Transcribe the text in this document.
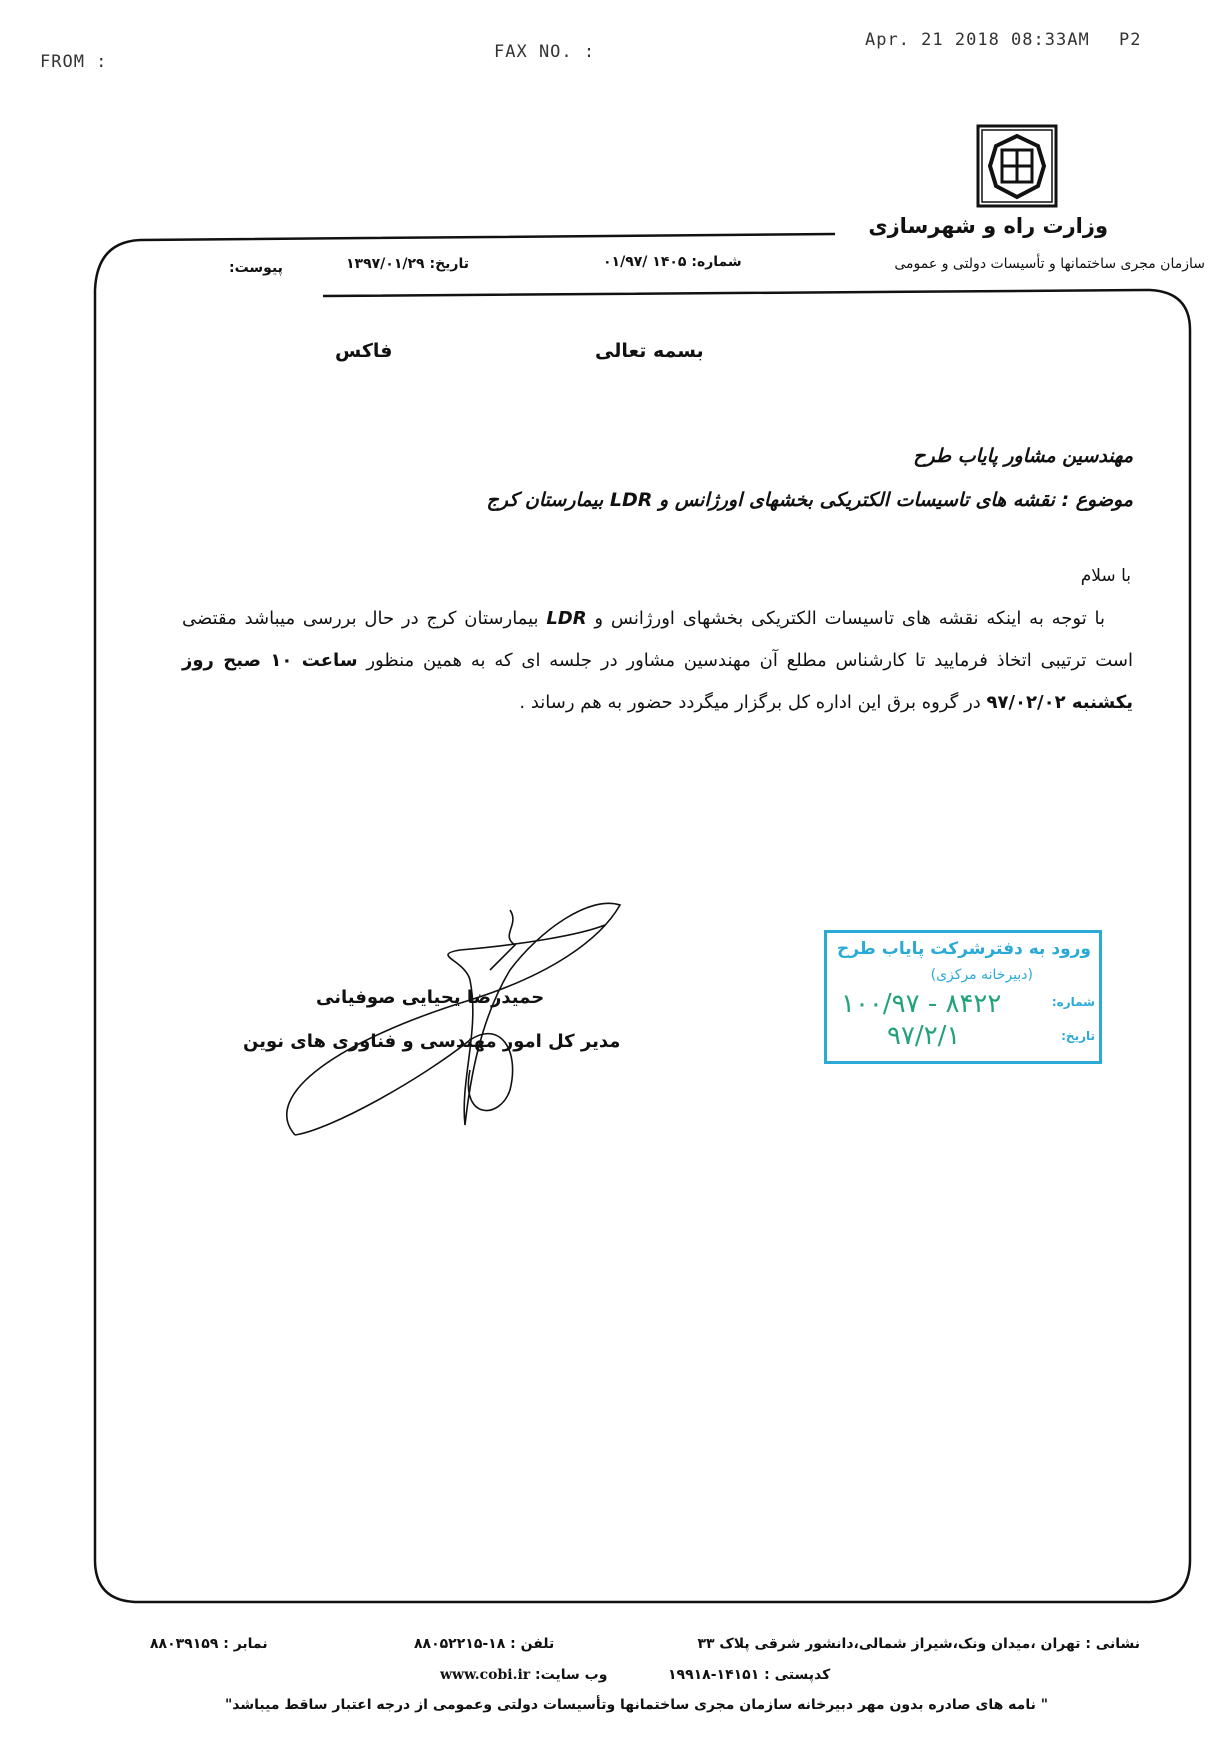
FROM :	FAX NO. :
Apr. 21 2018 08:33AM P2
وزارت راه و شهرسازی
سازمان مجری ساختمانها و تأسیسات دولتی و عمومی
شماره: ۰۱/۹۷/ ۱۴۰۵
تاریخ: ۱۳۹۷/۰۱/۲۹
پیوست:
بسمه تعالی
فاکس
مهندسین مشاور پایاب طرح
موضوع : نقشه های تاسیسات الکتریکی بخشهای اورژانس و LDR بیمارستان کرج
با سلام
با توجه به اینکه نقشه های تاسیسات الکتریکی بخشهای اورژانس و LDR بیمارستان کرج در حال بررسی میباشد مقتضی است ترتیبی اتخاذ فرمایید تا کارشناس مطلع آن مهندسین مشاور در جلسه ای که به همین منظور ساعت ۱۰ صبح روز یکشنبه ۹۷/۰۲/۰۲ در گروه برق این اداره کل برگزار میگردد حضور به هم رساند .
حمیدرضا یحیایی صوفیانی
مدیر کل امور مهندسی و فناوری های نوین
ورود به دفترشرکت پایاب طرح
(دبیرخانه مرکزی)
شماره:
۱۰۰/۹۷ - ۸۴۲۲
تاریخ:
۹۷/۲/۱
نشانی : تهران ،میدان ونک،شیراز شمالی،دانشور شرقی پلاک ۳۳
تلفن : ۱۸-۸۸۰۵۲۲۱۵
نمابر : ۸۸۰۳۹۱۵۹
کدپستی : ۱۴۱۵۱-۱۹۹۱۸
وب سایت: www.cobi.ir
" نامه های صادره بدون مهر دبیرخانه سازمان مجری ساختمانها وتأسیسات دولتی وعمومی از درجه اعتبار ساقط میباشد"
